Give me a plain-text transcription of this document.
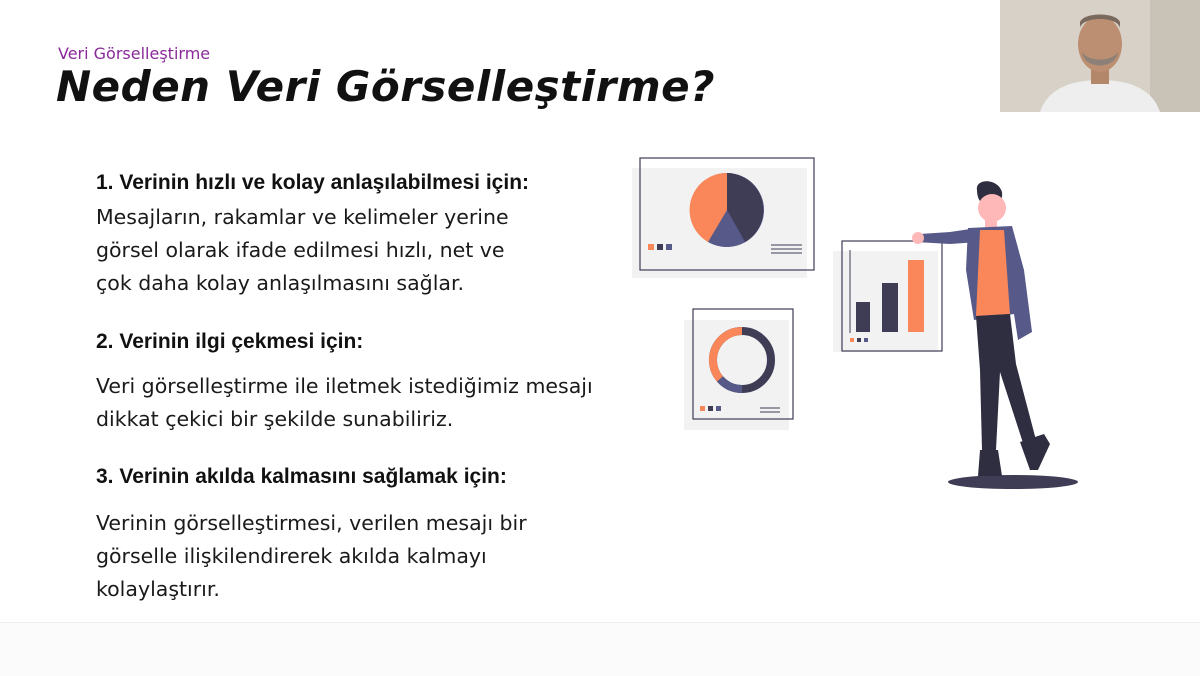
Veri Görselleştirme
Neden Veri Görselleştirme?
1. Verinin hızlı ve kolay anlaşılabilmesi için:

Mesajların, rakamlar ve kelimeler yerine
görsel olarak ifade edilmesi hızlı, net ve
çok daha kolay anlaşılmasını sağlar.

2. Verinin ilgi çekmesi için:

Veri görselleştirme ile iletmek istediğimiz mesajı
dikkat çekici bir şekilde sunabiliriz.

3. Verinin akılda kalmasını sağlamak için:

Verinin görselleştirmesi, verilen mesajı bir
görselle ilişkilendirerek akılda kalmayı
kolaylaştırır.
